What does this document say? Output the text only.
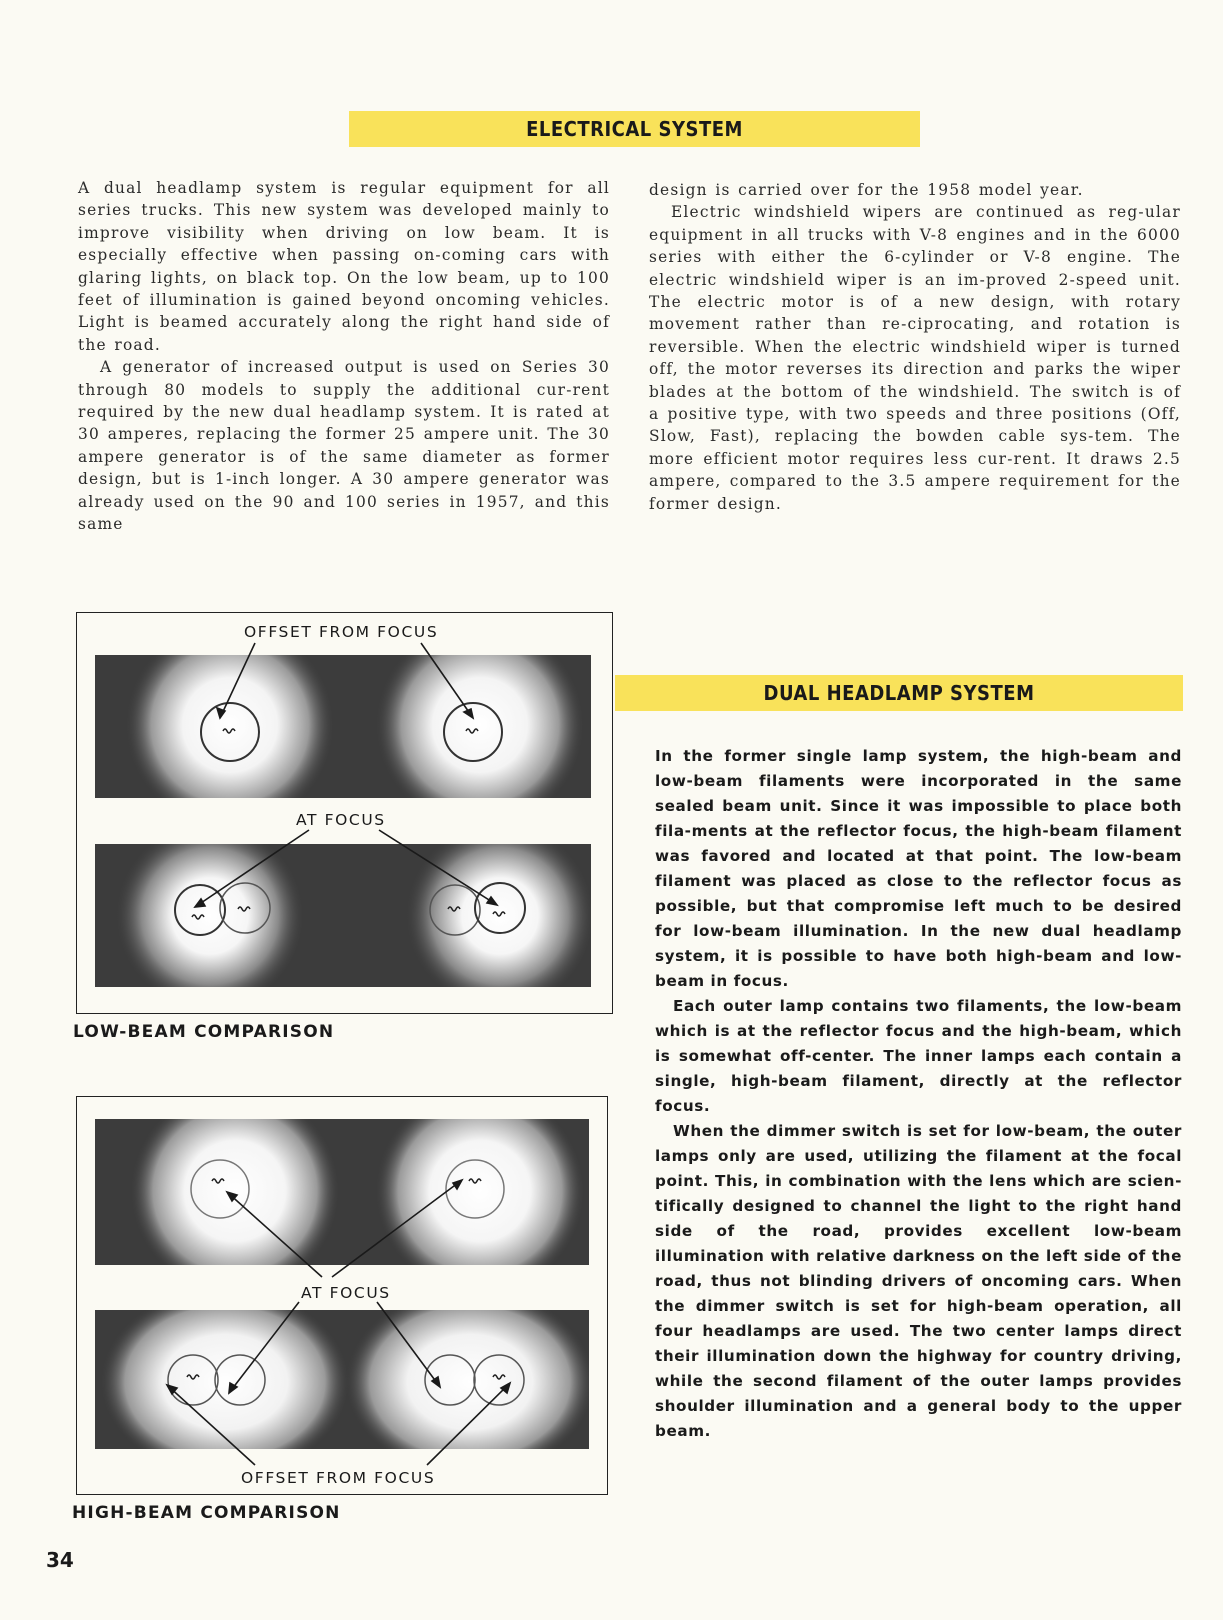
ELECTRICAL SYSTEM

A dual headlamp system is regular equipment for all series trucks. This new system was developed mainly to improve visibility when driving on low beam. It is especially effective when passing on-coming cars with glaring lights, on black top. On the low beam, up to 100 feet of illumination is gained beyond oncoming vehicles. Light is beamed accurately along the right hand side of the road.

A generator of increased output is used on Series 30 through 80 models to supply the additional cur-rent required by the new dual headlamp system. It is rated at 30 amperes, replacing the former 25 ampere unit. The 30 ampere generator is of the same diameter as former design, but is 1-inch longer. A 30 ampere generator was already used on the 90 and 100 series in 1957, and this same

design is carried over for the 1958 model year.

Electric windshield wipers are continued as reg-ular equipment in all trucks with V-8 engines and in the 6000 series with either the 6-cylinder or V-8 engine. The electric windshield wiper is an im-proved 2-speed unit. The electric motor is of a new design, with rotary movement rather than re-ciprocating, and rotation is reversible. When the electric windshield wiper is turned off, the motor reverses its direction and parks the wiper blades at the bottom of the windshield. The switch is of a positive type, with two speeds and three positions (Off, Slow, Fast), replacing the bowden cable sys-tem. The more efficient motor requires less cur-rent. It draws 2.5 ampere, compared to the 3.5 ampere requirement for the former design.

OFFSET FROM FOCUS
AT FOCUS
LOW-BEAM COMPARISON
AT FOCUS
OFFSET FROM FOCUS
HIGH-BEAM COMPARISON
DUAL HEADLAMP SYSTEM

In the former single lamp system, the high-beam and low-beam filaments were incorporated in the same sealed beam unit. Since it was impossible to place both fila-ments at the reflector focus, the high-beam filament was favored and located at that point. The low-beam filament was placed as close to the reflector focus as possible, but that compromise left much to be desired for low-beam illumination. In the new dual headlamp system, it is possible to have both high-beam and low-beam in focus.

Each outer lamp contains two filaments, the low-beam which is at the reflector focus and the high-beam, which is somewhat off-center. The inner lamps each contain a single, high-beam filament, directly at the reflector focus.

When the dimmer switch is set for low-beam, the outer lamps only are used, utilizing the filament at the focal point. This, in combination with the lens which are scien-tifically designed to channel the light to the right hand side of the road, provides excellent low-beam illumination with relative darkness on the left side of the road, thus not blinding drivers of oncoming cars. When the dimmer switch is set for high-beam operation, all four headlamps are used. The two center lamps direct their illumination down the highway for country driving, while the second filament of the outer lamps provides shoulder illumination and a general body to the upper beam.

34
